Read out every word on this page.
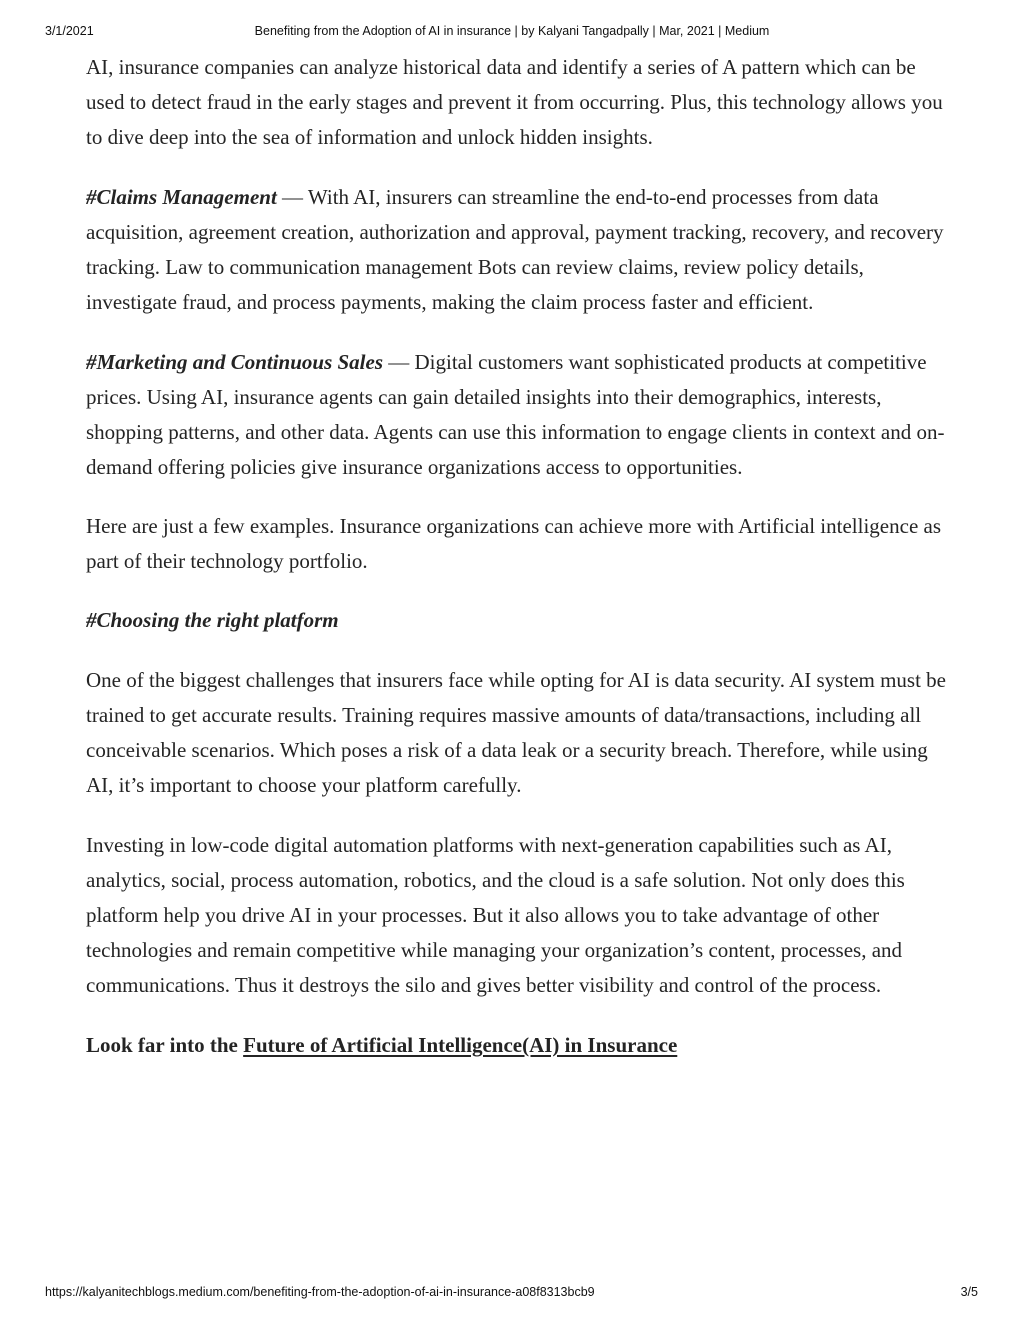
3/1/2021	Benefiting from the Adoption of AI in insurance | by Kalyani Tangadpally | Mar, 2021 | Medium

AI, insurance companies can analyze historical data and identify a series of A pattern which can be used to detect fraud in the early stages and prevent it from occurring. Plus, this technology allows you to dive deep into the sea of information and unlock hidden insights.

#Claims Management — With AI, insurers can streamline the end-to-end processes from data acquisition, agreement creation, authorization and approval, payment tracking, recovery, and recovery tracking. Law to communication management Bots can review claims, review policy details, investigate fraud, and process payments, making the claim process faster and efficient.

#Marketing and Continuous Sales — Digital customers want sophisticated products at competitive prices. Using AI, insurance agents can gain detailed insights into their demographics, interests, shopping patterns, and other data. Agents can use this information to engage clients in context and on-demand offering policies give insurance organizations access to opportunities.

Here are just a few examples. Insurance organizations can achieve more with Artificial intelligence as part of their technology portfolio.

#Choosing the right platform

One of the biggest challenges that insurers face while opting for AI is data security. AI system must be trained to get accurate results. Training requires massive amounts of data/transactions, including all conceivable scenarios. Which poses a risk of a data leak or a security breach. Therefore, while using AI, it’s important to choose your platform carefully.

Investing in low-code digital automation platforms with next-generation capabilities such as AI, analytics, social, process automation, robotics, and the cloud is a safe solution. Not only does this platform help you drive AI in your processes. But it also allows you to take advantage of other technologies and remain competitive while managing your organization’s content, processes, and communications. Thus it destroys the silo and gives better visibility and control of the process.

Look far into the Future of Artificial Intelligence(AI) in Insurance

https://kalyanitechblogs.medium.com/benefiting-from-the-adoption-of-ai-in-insurance-a08f8313bcb9	3/5
